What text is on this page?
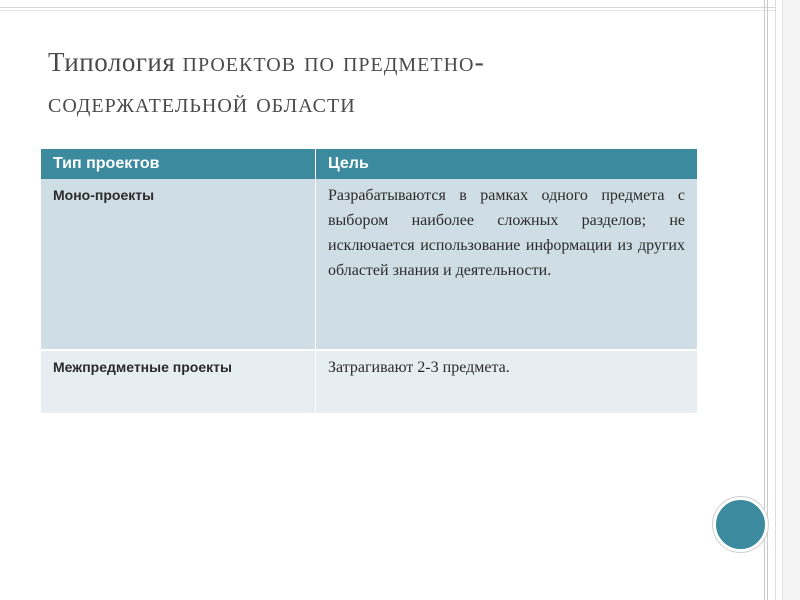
Типология проектов по предметно-
содержательной области
Тип проектов	Цель
Моно-проекты	Разрабатываются в рамках одного предмета с выбором наиболее сложных разделов; не исключается использование информации из других областей знания и деятельности.
Межпредметные проекты	Затрагивают 2-3 предмета.
